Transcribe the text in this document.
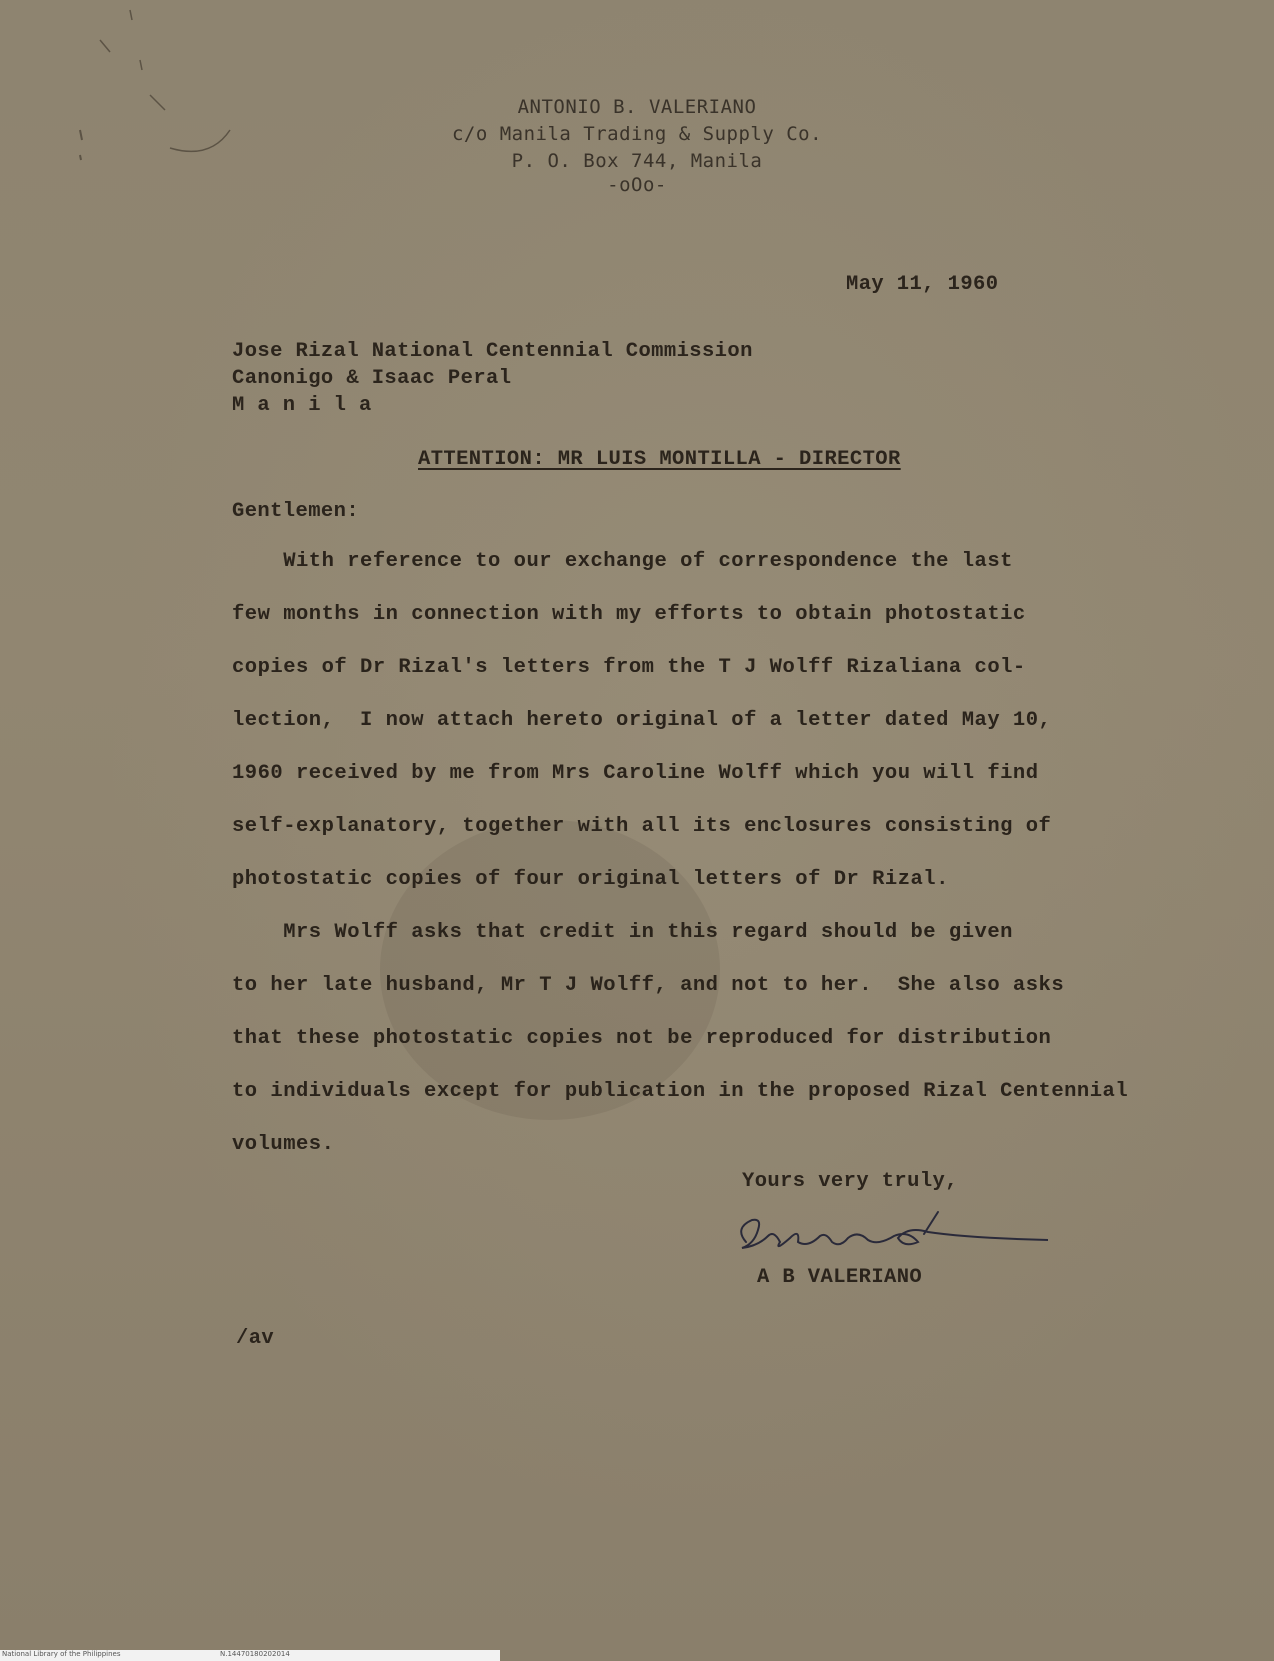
ANTONIO B. VALERIANO
c/o Manila Trading & Supply Co.
P. O. Box 744, Manila
-oOo-
May 11, 1960
Jose Rizal National Centennial Commission
Canonigo & Isaac Peral
M a n i l a
ATTENTION: MR LUIS MONTILLA - DIRECTOR
Gentlemen:
With reference to our exchange of correspondence the last
few months in connection with my efforts to obtain photostatic
copies of Dr Rizal's letters from the T J Wolff Rizaliana col-
lection,  I now attach hereto original of a letter dated May 10,
1960 received by me from Mrs Caroline Wolff which you will find
self-explanatory, together with all its enclosures consisting of
photostatic copies of four original letters of Dr Rizal.
Mrs Wolff asks that credit in this regard should be given
to her late husband, Mr T J Wolff, and not to her.  She also asks
that these photostatic copies not be reproduced for distribution
to individuals except for publication in the proposed Rizal Centennial
volumes.
Yours very truly,
A B VALERIANO
/av
National Library of the Philippines	N.14470180202014
